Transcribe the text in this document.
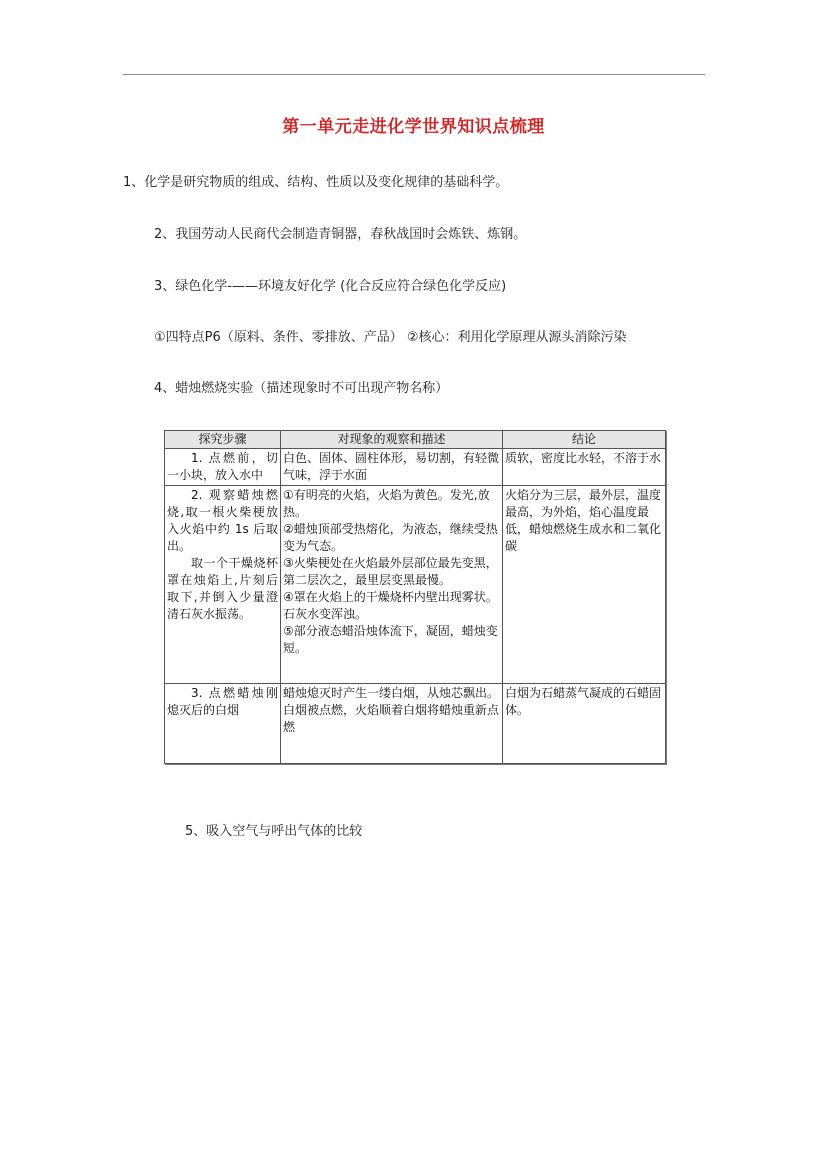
第一单元走进化学世界知识点梳理
1、化学是研究物质的组成、结构、性质以及变化规律的基础科学。
2、我国劳动人民商代会制造青铜器，春秋战国时会炼铁、炼钢。
3、绿色化学-——环境友好化学 (化合反应符合绿色化学反应)
①四特点P6（原料、条件、零排放、产品） ②核心：利用化学原理从源头消除污染
4、蜡烛燃烧实验（描述现象时不可出现产物名称）
探究步骤	对现象的观察和描述	结论

1. 点燃前，切一小块，放入水中	白色、固体、圆柱体形，易切割，有轻微气味，浮于水面	质软，密度比水轻，不溶于水

2. 观察蜡烛燃烧,取一根火柴梗放入火焰中约 1s 后取出。
取一个干燥烧杯罩在烛焰上,片刻后取下,并倒入少量澄清石灰水振荡。	①有明亮的火焰，火焰为黄色。发光,放热。
②蜡烛顶部受热熔化，为液态，继续受热变为气态。
③火柴梗处在火焰最外层部位最先变黑，第二层次之，最里层变黑最慢。
④罩在火焰上的干燥烧杯内壁出现雾状。石灰水变浑浊。
⑤部分液态蜡沿烛体流下，凝固，蜡烛变短。	火焰分为三层，最外层，温度最高，为外焰，焰心温度最低，蜡烛燃烧生成水和二氧化碳

3. 点燃蜡烛刚熄灭后的白烟	蜡烛熄灭时产生一缕白烟，从烛芯飘出。
白烟被点燃，火焰顺着白烟将蜡烛重新点燃	白烟为石蜡蒸气凝成的石蜡固体。
5、吸入空气与呼出气体的比较
